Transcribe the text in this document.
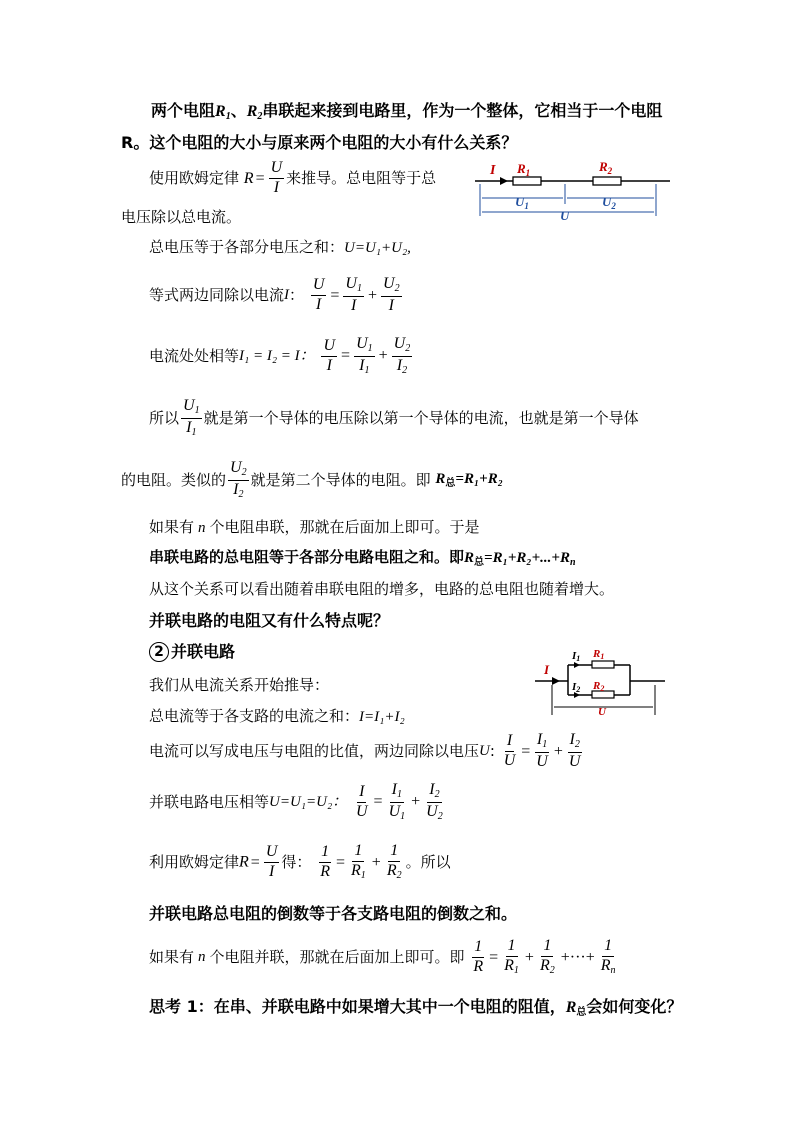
两个电阻$R_1$、$R_2$串联起来接到电路里，作为一个整体，它相当于一个电阻
R。这个电阻的大小与原来两个电阻的大小有什么关系？
使用欧姆定律 $R = \frac{U}{I}$ 来推导。总电阻等于总
电压除以总电流。
I $R_1$	$R_2$
$U_1$	$U_2$
U
总电压等于各部分电压之和：U=U₁+U₂,
等式两边同除以电流I： $\frac{U}{I} = \frac{U_1}{I} + \frac{U_2}{I}$
电流处处相等I₁ = I₂ = I： $\frac{U}{I} = \frac{U_1}{I_1} + \frac{U_2}{I_2}$
所以 $\frac{U_1}{I_1}$ 就是第一个导体的电压除以第一个导体的电流，也就是第一个导体
的电阻。类似的 $\frac{U_2}{I_2}$ 就是第二个导体的电阻。即 $R_总=R_1+R_2$
如果有 n 个电阻串联，那就在后面加上即可。于是
串联电路的总电阻等于各部分电路电阻之和。即$R_总=R_1+R_2+...+R_n$
从这个关系可以看出随着串联电阻的增多，电路的总电阻也随着增大。
并联电路的电阻又有什么特点呢？
2 并联电路
I
I1 R1
I2 R2
U
我们从电流关系开始推导：
总电流等于各支路的电流之和：I=I₁+I₂
电流可以写成电压与电阻的比值，两边同除以电压U: $\frac{I}{U} = \frac{I_1}{U} + \frac{I_2}{U}$
并联电路电压相等U=U₁=U₂： $\frac{I}{U} = \frac{I_1}{U_1} + \frac{I_2}{U_2}$
利用欧姆定律$R = \frac{U}{I}$ 得： $\frac{1}{R} = \frac{1}{R_1} + \frac{1}{R_2}$ 。所以
并联电路总电阻的倒数等于各支路电阻的倒数之和。
如果有 n 个电阻并联，那就在后面加上即可。即 $\frac{1}{R} = \frac{1}{R_1} + \frac{1}{R_2}$ +···+ $\frac{1}{R_n}$
思考 1：在串、并联电路中如果增大其中一个电阻的阻值，$R_总$会如何变化？
